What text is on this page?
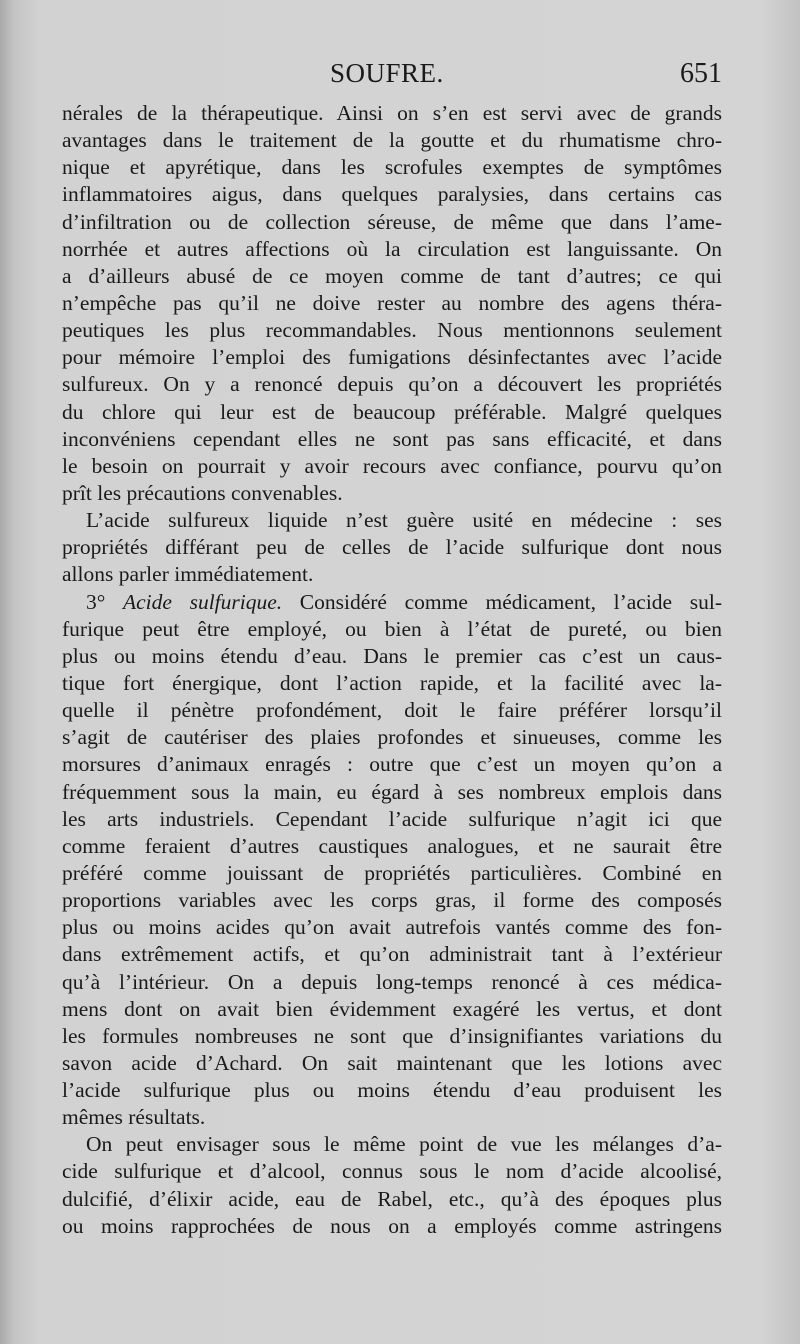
SOUFRE.	651
nérales de la thérapeutique. Ainsi on s’en est servi avec de grands
avantages dans le traitement de la goutte et du rhumatisme chro-
nique et apyrétique, dans les scrofules exemptes de symptômes
inflammatoires aigus, dans quelques paralysies, dans certains cas
d’infiltration ou de collection séreuse, de même que dans l’ame-
norrhée et autres affections où la circulation est languissante. On
a d’ailleurs abusé de ce moyen comme de tant d’autres; ce qui
n’empêche pas qu’il ne doive rester au nombre des agens théra-
peutiques les plus recommandables. Nous mentionnons seulement
pour mémoire l’emploi des fumigations désinfectantes avec l’acide
sulfureux. On y a renoncé depuis qu’on a découvert les propriétés
du chlore qui leur est de beaucoup préférable. Malgré quelques
inconvéniens cependant elles ne sont pas sans efficacité, et dans
le besoin on pourrait y avoir recours avec confiance, pourvu qu’on
prît les précautions convenables.
L’acide sulfureux liquide n’est guère usité en médecine : ses
propriétés différant peu de celles de l’acide sulfurique dont nous
allons parler immédiatement.
3° Acide sulfurique. Considéré comme médicament, l’acide sul-
furique peut être employé, ou bien à l’état de pureté, ou bien
plus ou moins étendu d’eau. Dans le premier cas c’est un caus-
tique fort énergique, dont l’action rapide, et la facilité avec la-
quelle il pénètre profondément, doit le faire préférer lorsqu’il
s’agit de cautériser des plaies profondes et sinueuses, comme les
morsures d’animaux enragés : outre que c’est un moyen qu’on a
fréquemment sous la main, eu égard à ses nombreux emplois dans
les arts industriels. Cependant l’acide sulfurique n’agit ici que
comme feraient d’autres caustiques analogues, et ne saurait être
préféré comme jouissant de propriétés particulières. Combiné en
proportions variables avec les corps gras, il forme des composés
plus ou moins acides qu’on avait autrefois vantés comme des fon-
dans extrêmement actifs, et qu’on administrait tant à l’extérieur
qu’à l’intérieur. On a depuis long-temps renoncé à ces médica-
mens dont on avait bien évidemment exagéré les vertus, et dont
les formules nombreuses ne sont que d’insignifiantes variations du
savon acide d’Achard. On sait maintenant que les lotions avec
l’acide sulfurique plus ou moins étendu d’eau produisent les
mêmes résultats.
On peut envisager sous le même point de vue les mélanges d’a-
cide sulfurique et d’alcool, connus sous le nom d’acide alcoolisé,
dulcifié, d’élixir acide, eau de Rabel, etc., qu’à des époques plus
ou moins rapprochées de nous on a employés comme astringens
